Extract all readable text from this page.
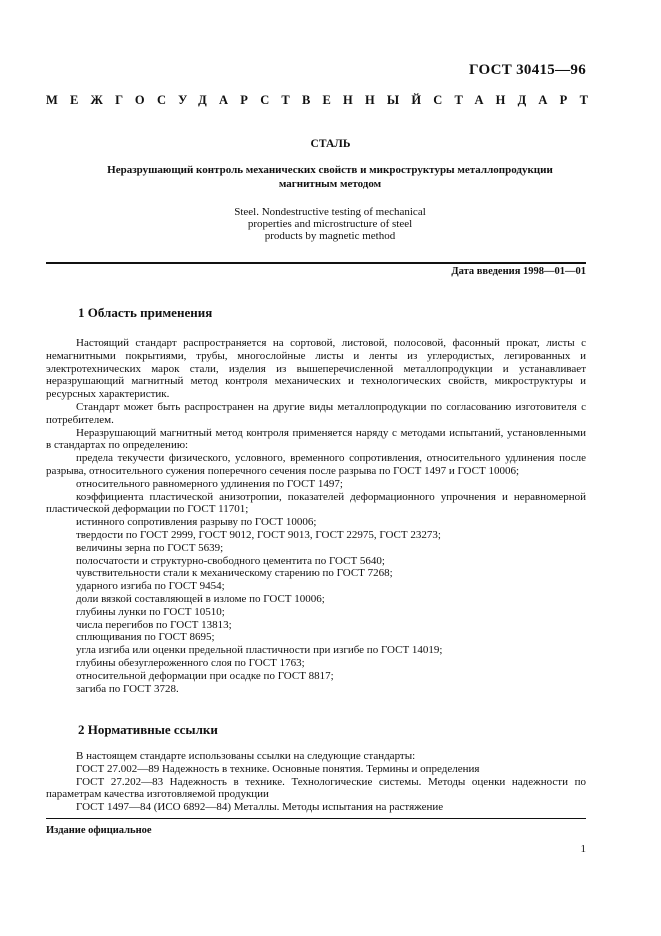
ГОСТ 30415—96
МЕЖГОСУДАРСТВЕННЫЙ СТАНДАРТ
СТАЛЬ
Неразрушающий контроль механических свойств и микроструктуры металлопродукции
магнитным методом
Steel. Nondestructive testing of mechanical
properties and microstructure of steel
products by magnetic method
Дата введения 1998—01—01
1 Область применения

Настоящий стандарт распространяется на сортовой, листовой, полосовой, фасонный прокат, листы с немагнитными покрытиями, трубы, многослойные листы и ленты из углеродистых, легированных и электротехнических марок стали, изделия из вышеперечисленной металлопродукции и устанавливает неразрушающий магнитный метод контроля механических и технологических свойств, микроструктуры и ресурсных характеристик.

Стандарт может быть распространен на другие виды металлопродукции по согласованию изготовителя с потребителем.

Неразрушающий магнитный метод контроля применяется наряду с методами испытаний, установленными в стандартах по определению:

предела текучести физического, условного, временного сопротивления, относительного удлинения после разрыва, относительного сужения поперечного сечения после разрыва по ГОСТ 1497 и ГОСТ 10006;

относительного равномерного удлинения по ГОСТ 1497;

коэффициента пластической анизотропии, показателей деформационного упрочнения и неравномерной пластической деформации по ГОСТ 11701;

истинного сопротивления разрыву по ГОСТ 10006;

твердости по ГОСТ 2999, ГОСТ 9012, ГОСТ 9013, ГОСТ 22975, ГОСТ 23273;

величины зерна по ГОСТ 5639;

полосчатости и структурно-свободного цементита по ГОСТ 5640;

чувствительности стали к механическому старению по ГОСТ 7268;

ударного изгиба по ГОСТ 9454;

доли вязкой составляющей в изломе по ГОСТ 10006;

глубины лунки по ГОСТ 10510;

числа перегибов по ГОСТ 13813;

сплющивания по ГОСТ 8695;

угла изгиба или оценки предельной пластичности при изгибе по ГОСТ 14019;

глубины обезуглероженного слоя по ГОСТ 1763;

относительной деформации при осадке по ГОСТ 8817;

загиба по ГОСТ 3728.

2 Нормативные ссылки

В настоящем стандарте использованы ссылки на следующие стандарты:

ГОСТ 27.002—89 Надежность в технике. Основные понятия. Термины и определения

ГОСТ 27.202—83 Надежность в технике. Технологические системы. Методы оценки надежности по параметрам качества изготовляемой продукции

ГОСТ 1497—84 (ИСО 6892—84) Металлы. Методы испытания на растяжение

Издание официальное
1
